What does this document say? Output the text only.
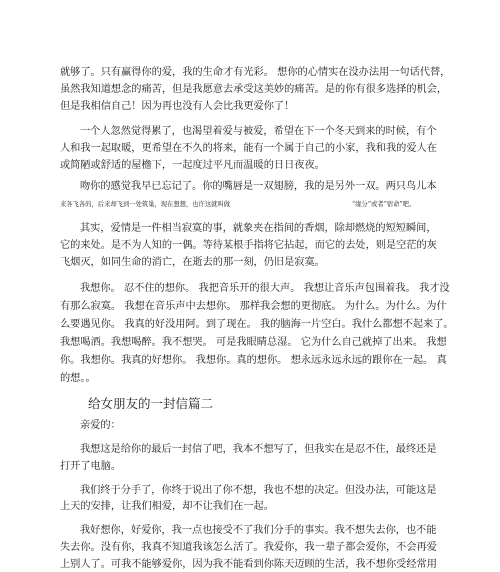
就够了。只有赢得你的爱，我的生命才有光彩。 想你的心情实在没办法用一句话代替，

虽然我知道想念的痛苦，但是我愿意去承受这美妙的痛苦。是的你有很多选择的机会，

但是我相信自己！因为再也没有人会比我更爱你了！

一个人忽然觉得累了，也渴望着爱与被爱，希望在下一个冬天到来的时候，有个

人和我一起取暖，更希望在不久的将来，能有一个属于自己的小家，我和我的爱人在

或简陋或舒适的屋檐下，一起度过平凡而温暖的日日夜夜。

吻你的感觉我早已忘记了。你的嘴唇是一双翅膀，我的是另外一双。两只鸟儿本

来各飞各的，后来却飞到一处筑巢，现在想想，也许这就叫做	“缘分”或者“宿命”吧。

其实，爱情是一件相当寂寞的事，就象夹在指间的香烟，除却燃烧的短短瞬间，

它的来处。是不为人知的一偶。等待某根手指将它拈起，而它的去处，则是空茫的灰

飞烟灭，如同生命的消亡，在逝去的那一刻，仍旧是寂寞。

我想你。 忍不住的想你。 我把音乐开的很大声。 我想让音乐声包围着我。 我才没

有那么寂寞。 我想在音乐声中去想你。 那样我会想的更彻底。 为什么。为什么。为什

么要遇见你。 我真的好没用阿。到了现在。 我的脑海一片空白。我什么都想不起来了。

我想喝酒。我想喝醉。我不想哭。 可是我眼睛总湿。 它为什么自己就掉了出来。 我想

你。我想你。我真的好想你。 我想你。真的想你。 想永远永远永远的跟你在一起。 真

的想。。

给女朋友的一封信篇二

亲爱的：

我想这是给你的最后一封信了吧，我本不想写了，但我实在是忍不住，最终还是

打开了电脑。

我们终于分手了，你终于说出了你不想，我也不想的决定。但没办法，可能这是

上天的安排，让我们相爱，却不让我们在一起。

我好想你，好爱你，我一点也接受不了我们分手的事实。我不想失去你，也不能

失去你。没有你，我真不知道我该怎么活了。我爱你，我一辈子都会爱你，不会再爱

上别人了。可我不能够爱你，因为我不能看到你陈天迈顾的生活，我不想你受经常用
